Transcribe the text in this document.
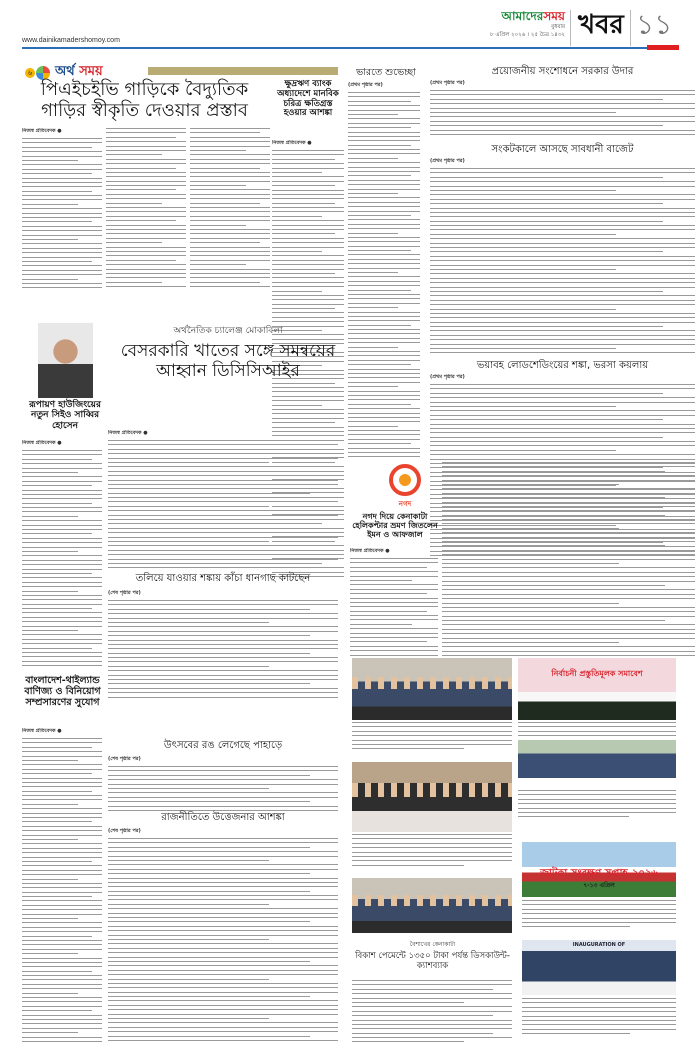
www.dainikamadershomoy.com
আমাদেরসময়
বুধবার
৮ এপ্রিল ২০২৬ । ২৫ চৈত্র ১৪৩২ খবর ১১
৬ অর্থ সময়
পিএইচইভি গাড়িকে বৈদ্যুতিক গাড়ির স্বীকৃতি দেওয়ার প্রস্তাব
ক্ষুদ্রঋণ ব্যাংক অধ্যাদেশে মানবিক চরিত্র ক্ষতিগ্রস্ত হওয়ার আশঙ্কা
নিজস্ব প্রতিবেদক ●
নিজস্ব প্রতিবেদক ●
রূপায়ণ হাউজিংয়ের নতুন সিইও সাব্বির হোসেন
অর্থনৈতিক চ্যালেঞ্জ মোকাবিলা
বেসরকারি খাতের সঙ্গে সমন্বয়ের আহ্বান ডিসিসিআইর
নিজস্ব প্রতিবেদক ●
নিজস্ব প্রতিবেদক ●
তলিয়ে যাওয়ার শঙ্কায় কাঁচা ধানগাছ কাটছেন
(শেষ পৃষ্ঠার পর)
বাংলাদেশ-থাইল্যান্ড বাণিজ্য ও বিনিয়োগ সম্প্রসারণের সুযোগ
নিজস্ব প্রতিবেদক ●
উৎসবের রঙ লেগেছে পাহাড়ে
(শেষ পৃষ্ঠার পর)
রাজনীতিতে উত্তেজনার আশঙ্কা
(শেষ পৃষ্ঠার পর)
ভারতে শুভেচ্ছা
(প্রথম পৃষ্ঠার পর)
প্রয়োজনীয় সংশোধনে সরকার উদার
(প্রথম পৃষ্ঠার পর)
সংকটকালে আসছে সাবধানী বাজেট
(প্রথম পৃষ্ঠার পর)
ভয়াবহ লোডশেডিংয়ের শঙ্কা, ভরসা কয়লায়
(প্রথম পৃষ্ঠার পর)
নগদ
নগদ দিয়ে কেনাকাটা হেলিকপ্টার ভ্রমণ জিতলেন ইমন ও আফজাল
নিজস্ব প্রতিবেদক ●
নির্বাচনী প্রস্তুতিমূলক সমাবেশ
জাটকা সংরক্ষণ সপ্তাহ-২০২৬
৭-১৩ এপ্রিল
INAUGURATION OF
বৈশাখের কেনাকাটা
বিকাশ পেমেন্টে ১৩৫০ টাকা পর্যন্ত ডিসকাউন্ট-ক্যাশব্যাক
